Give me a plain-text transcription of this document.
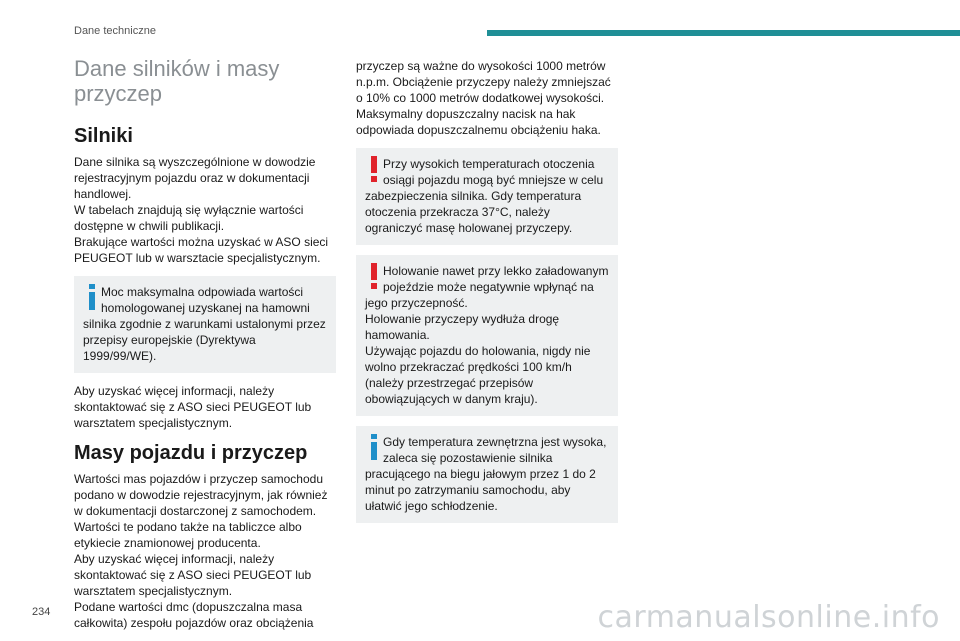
Dane techniczne
Dane silników i masy przyczep
Silniki

Dane silnika są wyszczególnione w dowodzie rejestracyjnym pojazdu oraz w dokumentacji handlowej.

W tabelach znajdują się wyłącznie wartości dostępne w chwili publikacji.

Brakujące wartości można uzyskać w ASO sieci PEUGEOT lub w warsztacie specjalistycznym.

Moc maksymalna odpowiada wartości homologowanej uzyskanej na hamowni silnika zgodnie z warunkami ustalonymi przez przepisy europejskie (Dyrektywa 1999/99/WE).

Aby uzyskać więcej informacji, należy skontaktować się z ASO sieci PEUGEOT lub warsztatem specjalistycznym.

Masy pojazdu i przyczep

Wartości mas pojazdów i przyczep samochodu podano w dowodzie rejestracyjnym, jak również w dokumentacji dostarczonej z samochodem.

Wartości te podano także na tabliczce albo etykiecie znamionowej producenta.

Aby uzyskać więcej informacji, należy skontaktować się z ASO sieci PEUGEOT lub warsztatem specjalistycznym.

Podane wartości dmc (dopuszczalna masa całkowita) zespołu pojazdów oraz obciążenia

przyczep są ważne do wysokości 1000 metrów n.p.m. Obciążenie przyczepy należy zmniejszać o 10% co 1000 metrów dodatkowej wysokości.

Maksymalny dopuszczalny nacisk na hak odpowiada dopuszczalnemu obciążeniu haka.

Przy wysokich temperaturach otoczenia osiągi pojazdu mogą być mniejsze w celu zabezpieczenia silnika. Gdy temperatura otoczenia przekracza 37°C, należy ograniczyć masę holowanej przyczepy.

Holowanie nawet przy lekko załadowanym pojeździe może negatywnie wpłynąć na jego przyczepność.

Holowanie przyczepy wydłuża drogę hamowania.

Używając pojazdu do holowania, nigdy nie wolno przekraczać prędkości 100 km/h (należy przestrzegać przepisów obowiązujących w danym kraju).

Gdy temperatura zewnętrzna jest wysoka, zaleca się pozostawienie silnika pracującego na biegu jałowym przez 1 do 2 minut po zatrzymaniu samochodu, aby ułatwić jego schłodzenie.

234	carmanualsonline.info
